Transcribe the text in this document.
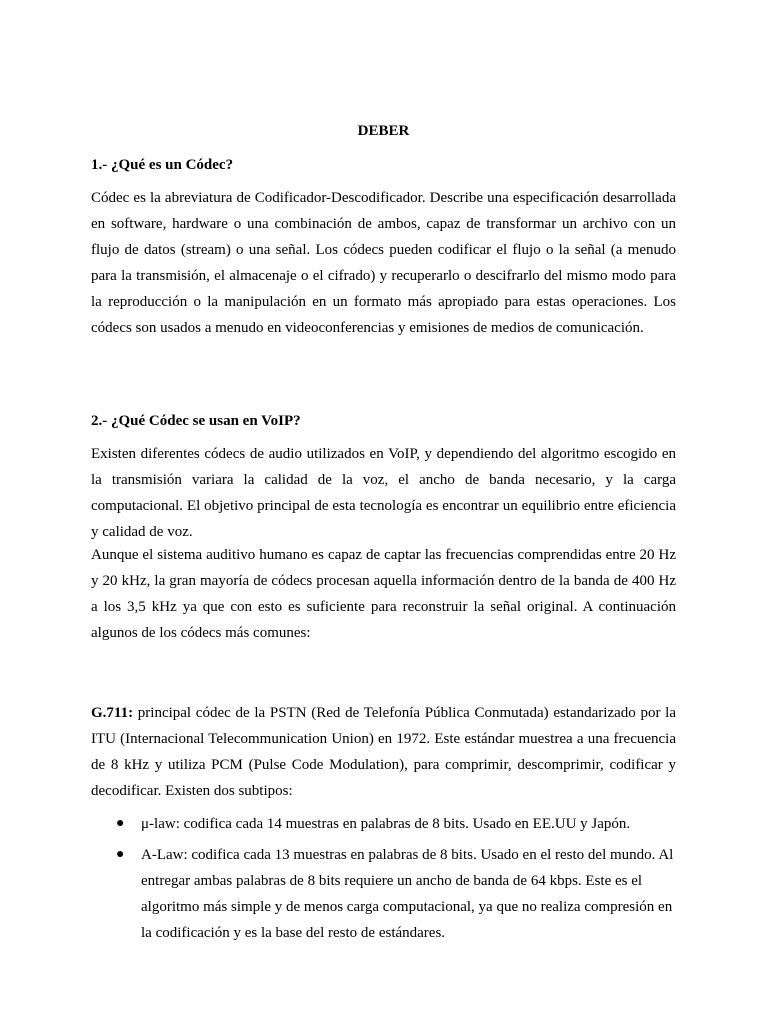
DEBER
1.- ¿Qué es un Códec?
Códec es la abreviatura de Codificador-Descodificador. Describe una especificación desarrollada en software, hardware o una combinación de ambos, capaz de transformar un archivo con un flujo de datos (stream) o una señal. Los códecs pueden codificar el flujo o la señal (a menudo para la transmisión, el almacenaje o el cifrado) y recuperarlo o descifrarlo del mismo modo para la reproducción o la manipulación en un formato más apropiado para estas operaciones. Los códecs son usados a menudo en videoconferencias y emisiones de medios de comunicación.
2.- ¿Qué Códec se usan en VoIP?
Existen diferentes códecs de audio utilizados en VoIP, y dependiendo del algoritmo escogido en la transmisión variara la calidad de la voz, el ancho de banda necesario, y la carga computacional. El objetivo principal de esta tecnología es encontrar un equilibrio entre eficiencia y calidad de voz.
Aunque el sistema auditivo humano es capaz de captar las frecuencias comprendidas entre 20 Hz y 20 kHz, la gran mayoría de códecs procesan aquella información dentro de la banda de 400 Hz a los 3,5 kHz ya que con esto es suficiente para reconstruir la señal original. A continuación algunos de los códecs más comunes:
G.711: principal códec de la PSTN (Red de Telefonía Pública Conmutada) estandarizado por la ITU (Internacional Telecommunication Union) en 1972. Este estándar muestrea a una frecuencia de 8 kHz y utiliza PCM (Pulse Code Modulation), para comprimir, descomprimir, codificar y decodificar. Existen dos subtipos:
● μ-law: codifica cada 14 muestras en palabras de 8 bits. Usado en EE.UU y Japón.
● A-Law: codifica cada 13 muestras en palabras de 8 bits. Usado en el resto del mundo. Al entregar ambas palabras de 8 bits requiere un ancho de banda de 64 kbps. Este es el algoritmo más simple y de menos carga computacional, ya que no realiza compresión en la codificación y es la base del resto de estándares.
